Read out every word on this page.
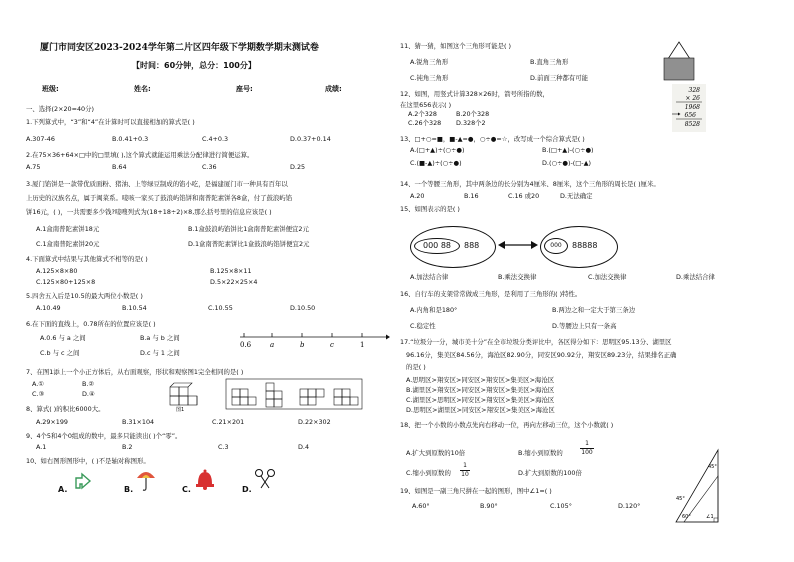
厦门市同安区2023-2024学年第二片区四年级下学期数学期末测试卷
【时间：60分钟，总分：100分】
班级:	姓名:	座号:	成绩:
一、选择(2×20=40分)
1.下列算式中，“3”和“4”在计算时可以直接相加的算式是( )
A.307-46	B.0.41+0.3	C.4+0.3	D.0.37+0.14
2.在75×36+64×□中的□里填( ),这个算式就能运用乘法分配律进行简便运算。
A.75	B.64	C.36	D.25
3.厦门馅饼是一款带优质面粉、猪油、上等绿豆制成的馅小吃，是福建厦门市一种具有百年以
上历史的汉族名点，属于闽菜系。唛咳一家买了鼓浪屿馅饼和南普陀素饼各8盒，付了鼓浪屿馅
饼16元，( )，一共需要多少钱?唛嗖列式为(18+18÷2)×8,那么括号里的信息应该是( )
A.1盒南普陀素饼18元	B.1盒鼓浪屿馅饼比1盒南普陀素饼便宜2元
C.1盒南普陀素饼20元	D.1盒南普陀素饼比1盒鼓浪屿馅饼便宜2元
4.下面算式中结果与其他算式不相等的是( )
A.125×8×80	B.125×8×11
C.125×80+125×8	D.5×22×25×4
5.四舍五入后是10.5的最大两位小数是( )
A.10.49	B.10.54	C.10.55	D.10.50
6.在下面的直线上，0.78所在的位置应该是( )
A.0.6 与 a 之间	B.a 与 b 之间
C.b 与 c 之间	D.c 与 1 之间
0.6	a	b	c	1
7、在图1添上一个小正方体后，从右面观察，形状和观察图1完全相同的是( )
A.①	B.②
C.③	D.④
图1
8、算式( )的积比6000大。
A.29×199	B.31×104	C.21×201	D.22×302
9、4个5和4个0组成的数中，最多只能读出( )个“零”。
A.1	B.2	C.3	D.4
10、如右图形图形中，( )不是轴对称图形。
A.	B.	C.	D.
11、猜一猜，如图这个三角形可能是( )
A.锐角三角形	B.直角三角形
C.钝角三角形	D.前面三种都有可能
12、如图，用竖式计算328×26时，箭号所指的数，
在这里656表示( )
A.2个328	B.20个328
C.26个328 D.328个2
328
× 26
1968
656
8528
13、□+○=■，■-▲=●，○÷●=☆，改写成一个综合算式是( )
A.(□+▲)÷(○÷●)	B.(□+▲)-(○÷●)
C.(■-▲)÷(○÷●)	D.(○÷●)-(□-▲)
14、一个等腰三角形，其中两条边的长分别为4厘米、8厘米，这个三角形的周长是( )厘米。
A.20	B.16	C.16 或20	D.无法确定
15、如图表示的是( )
000 88	888	000	88888
A.加法结合律	B.乘法交换律	C.加法交换律	D.乘法结合律
16、自行车的支架常常做成三角形，是利用了三角形的( )特性。
A.内角和是180°	B.两边之和一定大于第三条边
C.稳定性	D.等腰边上只有一条高
17.“垃圾分一分，城市美十分”在全市垃圾分类评比中，各区得分如下：思明区95.13分、湖里区
96.16分，集美区84.56分，海沧区82.90分，同安区90.92分，翔安区89.23分，结果排名正确
的是( )
A.思明区>翔安区>同安区>翔安区>集美区>海沧区
B.湖里区>翔安区>同安区>翔安区>集美区>海沧区
C.湖里区>思明区>同安区>翔安区>集美区>海沧区
D.思明区>湖里区>同安区>翔安区>集美区>海沧区
18、把一个小数的小数点先向右移动一位，再向左移动三位，这个小数就( )
A.扩大到原数的10倍	B.缩小到原数的	$\frac{1}{100}$
C.缩小到原数的 $\frac{1}{10}$	D.扩大到原数的100倍
19、如图是一副三角尺拼在一起的图形，图中∠1=( )
A.60°	B.90°	C.105°	D.120°
45°
60°
45°
∠1
